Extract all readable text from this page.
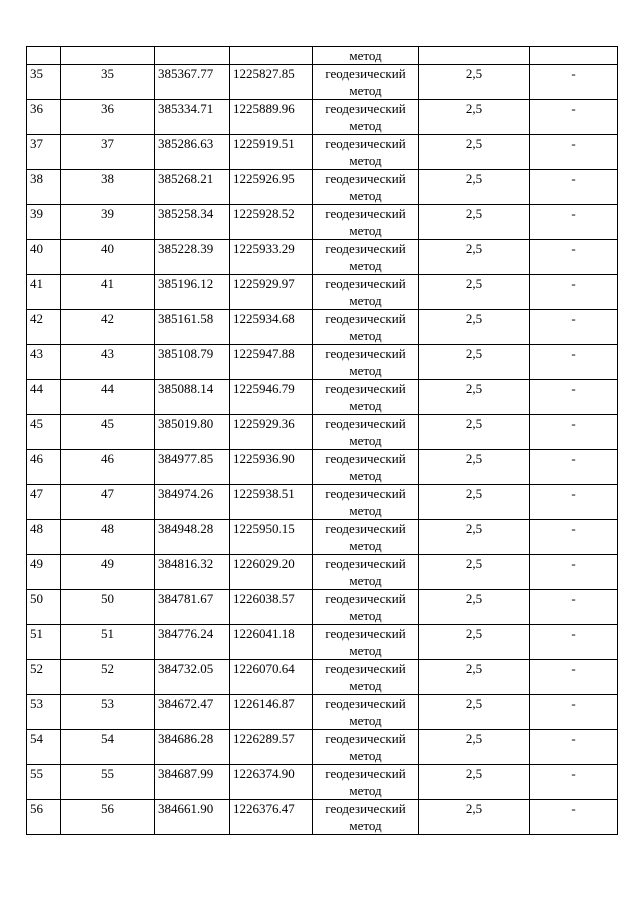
				метод		
35	35	385367.77	1225827.85	геодезический
метод	2,5	-
36	36	385334.71	1225889.96	геодезический
метод	2,5	-
37	37	385286.63	1225919.51	геодезический
метод	2,5	-
38	38	385268.21	1225926.95	геодезический
метод	2,5	-
39	39	385258.34	1225928.52	геодезический
метод	2,5	-
40	40	385228.39	1225933.29	геодезический
метод	2,5	-
41	41	385196.12	1225929.97	геодезический
метод	2,5	-
42	42	385161.58	1225934.68	геодезический
метод	2,5	-
43	43	385108.79	1225947.88	геодезический
метод	2,5	-
44	44	385088.14	1225946.79	геодезический
метод	2,5	-
45	45	385019.80	1225929.36	геодезический
метод	2,5	-
46	46	384977.85	1225936.90	геодезический
метод	2,5	-
47	47	384974.26	1225938.51	геодезический
метод	2,5	-
48	48	384948.28	1225950.15	геодезический
метод	2,5	-
49	49	384816.32	1226029.20	геодезический
метод	2,5	-
50	50	384781.67	1226038.57	геодезический
метод	2,5	-
51	51	384776.24	1226041.18	геодезический
метод	2,5	-
52	52	384732.05	1226070.64	геодезический
метод	2,5	-
53	53	384672.47	1226146.87	геодезический
метод	2,5	-
54	54	384686.28	1226289.57	геодезический
метод	2,5	-
55	55	384687.99	1226374.90	геодезический
метод	2,5	-
56	56	384661.90	1226376.47	геодезический
метод	2,5	-
